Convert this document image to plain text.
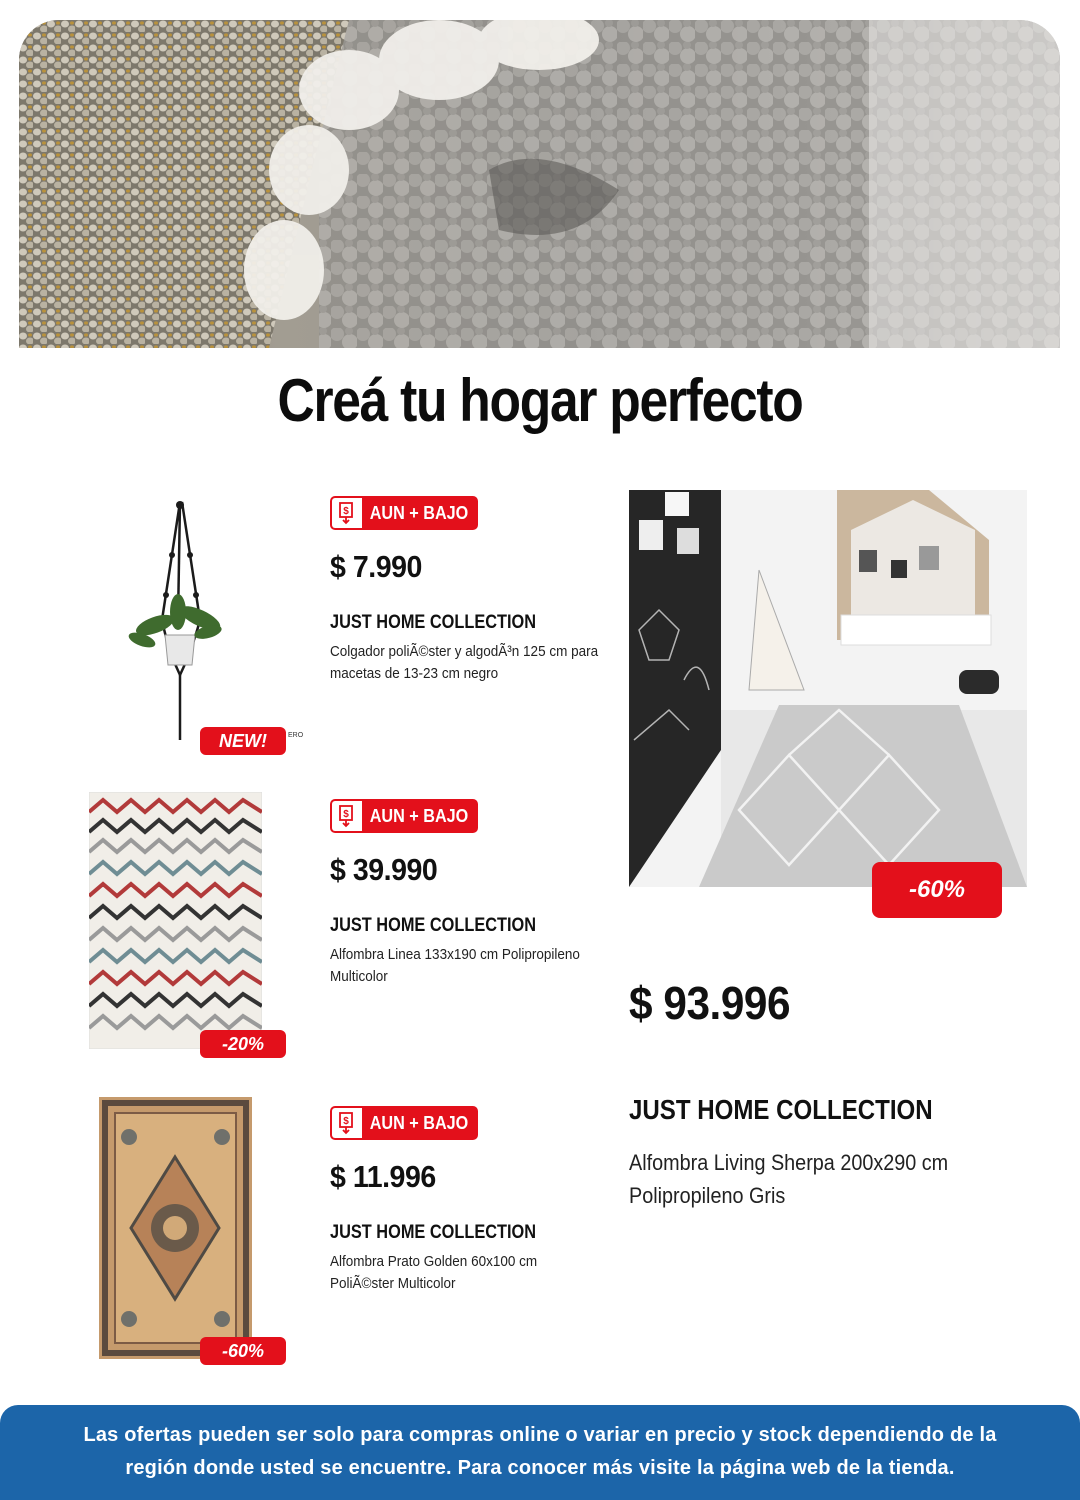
Creá tu hogar perfecto
NEW!	ERO
$ AUN + BAJO
$ 7.990
JUST HOME COLLECTION
Colgador poliÃ©ster y algodÃ³n 125 cm para macetas de 13-23 cm negro
-20%
$ AUN + BAJO
$ 39.990
JUST HOME COLLECTION
Alfombra Linea 133x190 cm Polipropileno Multicolor
-60%
$ AUN + BAJO
$ 11.996
JUST HOME COLLECTION
Alfombra Prato Golden 60x100 cm PoliÃ©ster Multicolor
-60%
$ 93.996
JUST HOME COLLECTION
Alfombra Living Sherpa 200x290 cm Polipropileno Gris

Las ofertas pueden ser solo para compras online o variar en precio y stock dependiendo de la región donde usted se encuentre. Para conocer más visite la página web de la tienda.
